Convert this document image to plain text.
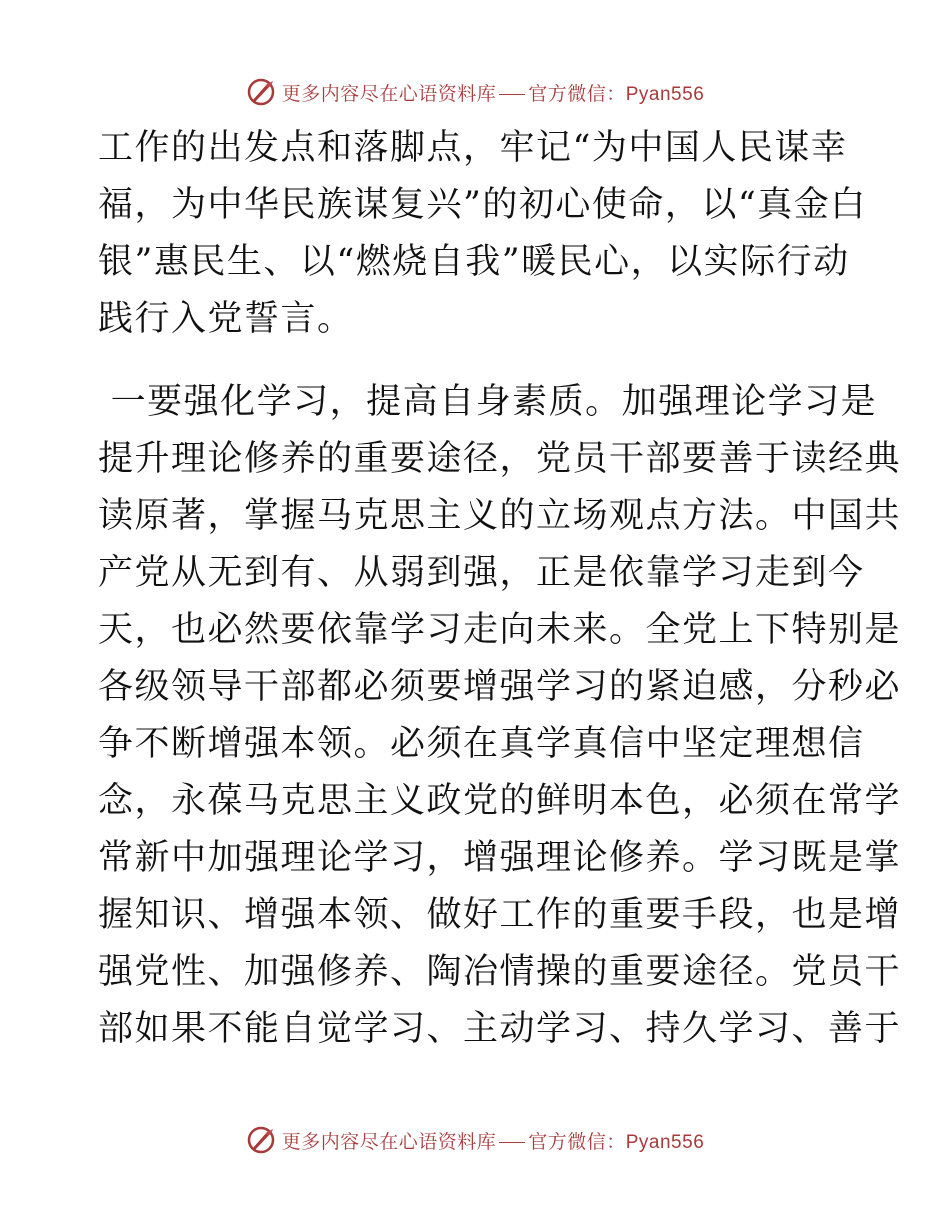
更多内容尽在心语资料库 官方微信：Pyan556
工作的出发点和落脚点，牢记“为中国人民谋幸
福，为中华民族谋复兴”的初心使命，以“真金白
银”惠民生、以“燃烧自我”暖民心，以实际行动
践行入党誓言。
一要强化学习，提高自身素质。加强理论学习是
提升理论修养的重要途径，党员干部要善于读经典
读原著，掌握马克思主义的立场观点方法。中国共
产党从无到有、从弱到强，正是依靠学习走到今
天，也必然要依靠学习走向未来。全党上下特别是
各级领导干部都必须要增强学习的紧迫感，分秒必
争不断增强本领。必须在真学真信中坚定理想信
念，永葆马克思主义政党的鲜明本色，必须在常学
常新中加强理论学习，增强理论修养。学习既是掌
握知识、增强本领、做好工作的重要手段，也是增
强党性、加强修养、陶冶情操的重要途径。党员干
部如果不能自觉学习、主动学习、持久学习、善于
更多内容尽在心语资料库 官方微信：Pyan556
